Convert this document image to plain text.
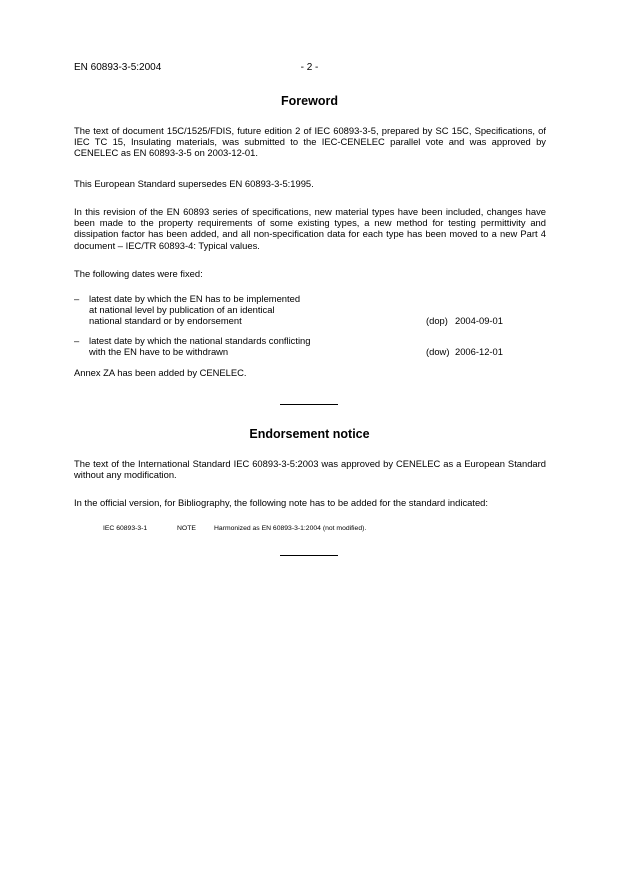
EN 60893-3-5:2004	- 2 -
Foreword
The text of document 15C/1525/FDIS, future edition 2 of IEC 60893-3-5, prepared by SC 15C, Specifications, of IEC TC 15, Insulating materials, was submitted to the IEC-CENELEC parallel vote and was approved by CENELEC as EN 60893-3-5 on 2003-12-01.
This European Standard supersedes EN 60893-3-5:1995.
In this revision of the EN 60893 series of specifications, new material types have been included, changes have been made to the property requirements of some existing types, a new method for testing permittivity and dissipation factor has been added, and all non-specification data for each type has been moved to a new Part 4 document – IEC/TR 60893-4: Typical values.
The following dates were fixed:
– latest date by which the EN has to be implemented
at national level by publication of an identical
national standard or by endorsement	(dop) 2004-09-01
– latest date by which the national standards conflicting
with the EN have to be withdrawn	(dow) 2006-12-01
Annex ZA has been added by CENELEC.
Endorsement notice
The text of the International Standard IEC 60893-3-5:2003 was approved by CENELEC as a European Standard without any modification.
In the official version, for Bibliography, the following note has to be added for the standard indicated:
IEC 60893-3-1	NOTE	Harmonized as EN 60893-3-1:2004 (not modified).
